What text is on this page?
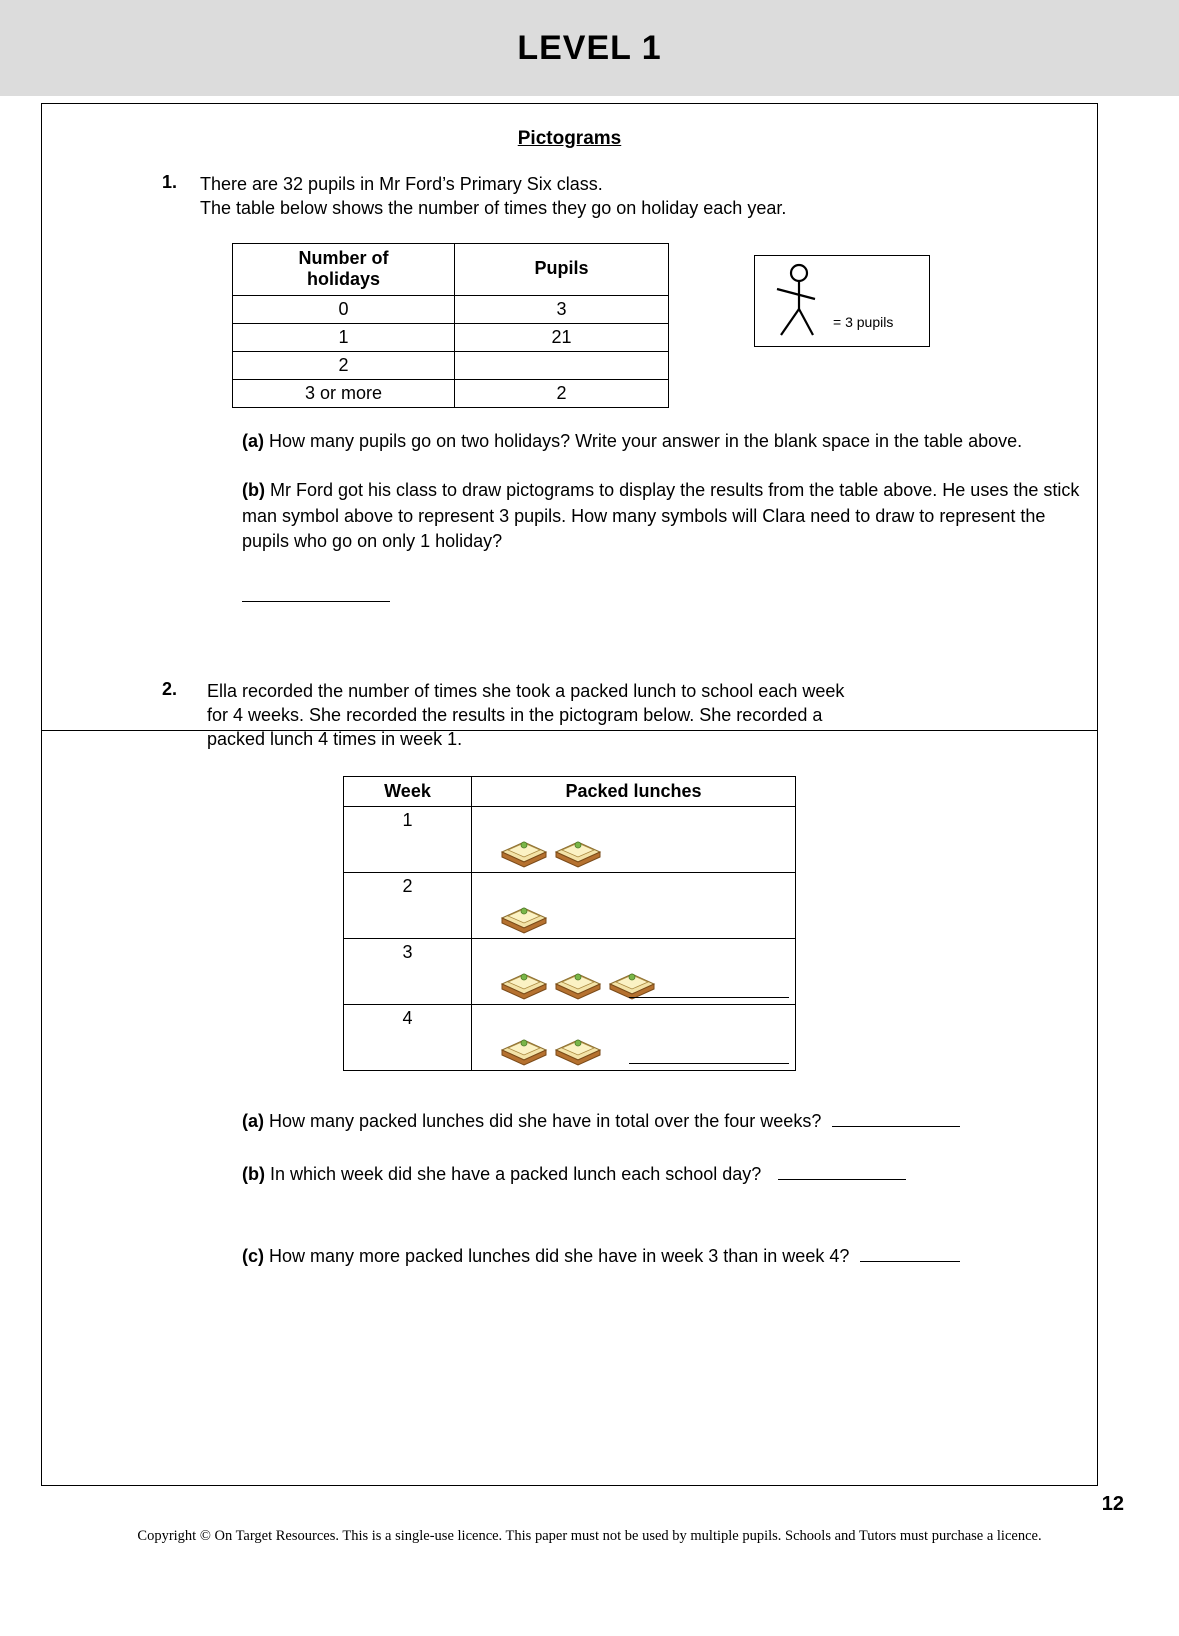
LEVEL 1
Pictograms
1. There are 32 pupils in Mr Ford’s Primary Six class.
The table below shows the number of times they go on holiday each year.
Number of
holidays	Pupils
0	3
1	21
2	
3 or more	2
= 3 pupils
(a) How many pupils go on two holidays? Write your answer in the blank space in the table above.
(b) Mr Ford got his class to draw pictograms to display the results from the table above. He uses the stick man symbol above to represent 3 pupils. How many symbols will Clara need to draw to represent the pupils who go on only 1 holiday?
2. Ella recorded the number of times she took a packed lunch to school each week
for 4 weeks. She recorded the results in the pictogram below. She recorded a
packed lunch 4 times in week 1.
Week	Packed lunches
1	

2	

3	

4	
(a) How many packed lunches did she have in total over the four weeks?
(b) In which week did she have a packed lunch each school day?
(c) How many more packed lunches did she have in week 3 than in week 4?
12
Copyright © On Target Resources. This is a single-use licence. This paper must not be used by multiple pupils. Schools and Tutors must purchase a licence.
